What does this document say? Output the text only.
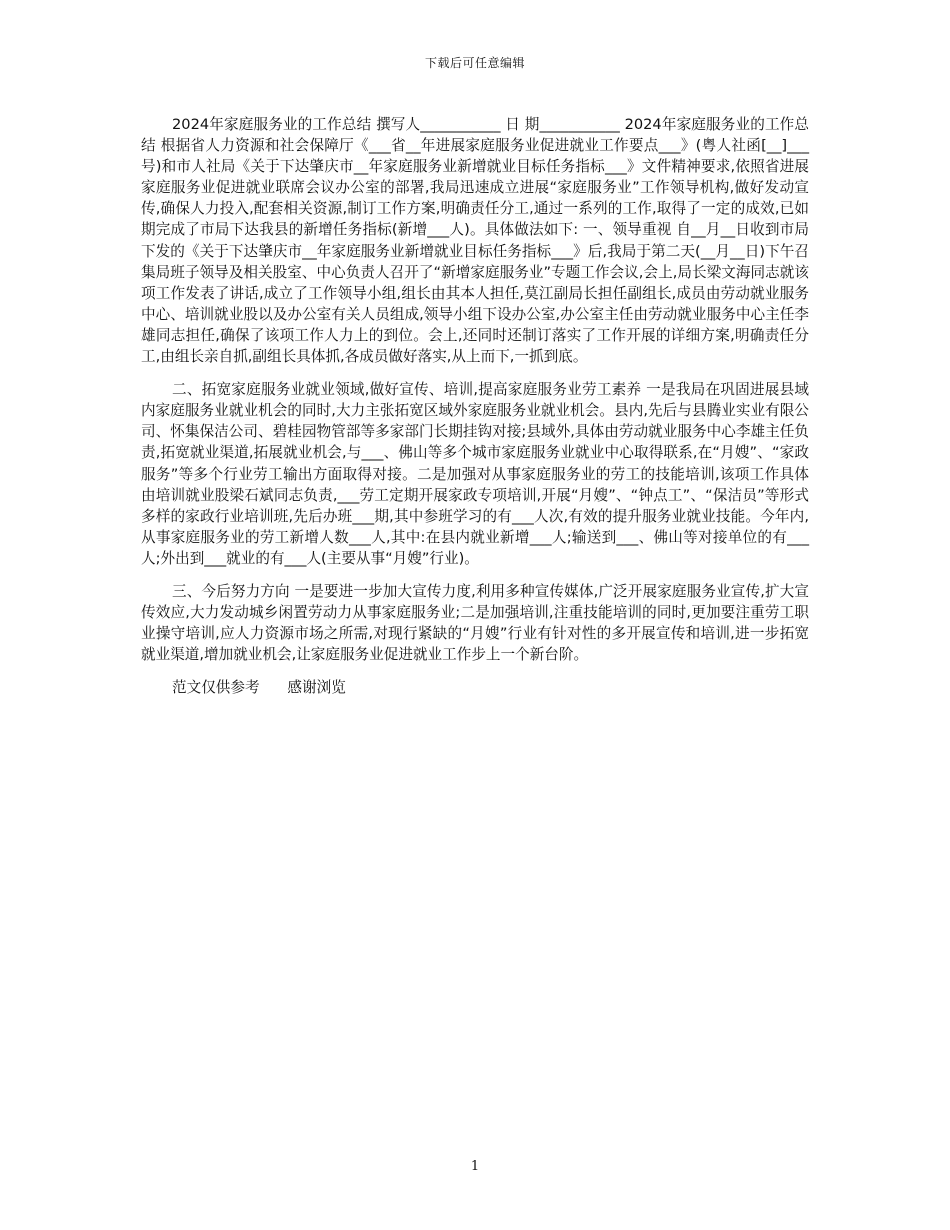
下载后可任意编辑

2024年家庭服务业的工作总结 撰写人___________ 日 期___________ 2024年家庭服务业的工作总结 根据省人力资源和社会保障厅《___省__年进展家庭服务业促进就业工作要点___》(粤人社函[__]___号)和市人社局《关于下达肇庆市__年家庭服务业新增就业目标任务指标___》文件精神要求,依照省进展家庭服务业促进就业联席会议办公室的部署,我局迅速成立进展“家庭服务业”工作领导机构,做好发动宣传,确保人力投入,配套相关资源,制订工作方案,明确责任分工,通过一系列的工作,取得了一定的成效,已如期完成了市局下达我县的新增任务指标(新增___人)。具体做法如下: 一、领导重视 自__月__日收到市局下发的《关于下达肇庆市__年家庭服务业新增就业目标任务指标___》后,我局于第二天(__月__日)下午召集局班子领导及相关股室、中心负责人召开了“新增家庭服务业”专题工作会议,会上,局长梁文海同志就该项工作发表了讲话,成立了工作领导小组,组长由其本人担任,莫江副局长担任副组长,成员由劳动就业服务中心、培训就业股以及办公室有关人员组成,领导小组下设办公室,办公室主任由劳动就业服务中心主任李雄同志担任,确保了该项工作人力上的到位。会上,还同时还制订落实了工作开展的详细方案,明确责任分工,由组长亲自抓,副组长具体抓,各成员做好落实,从上而下,一抓到底。

二、拓宽家庭服务业就业领域,做好宣传、培训,提高家庭服务业劳工素养 一是我局在巩固进展县域内家庭服务业就业机会的同时,大力主张拓宽区域外家庭服务业就业机会。县内,先后与县腾业实业有限公司、怀集保洁公司、碧桂园物管部等多家部门长期挂钩对接;县域外,具体由劳动就业服务中心李雄主任负责,拓宽就业渠道,拓展就业机会,与___、佛山等多个城市家庭服务业就业中心取得联系,在“月嫂”、“家政服务”等多个行业劳工输出方面取得对接。二是加强对从事家庭服务业的劳工的技能培训,该项工作具体由培训就业股梁石斌同志负责,___劳工定期开展家政专项培训,开展“月嫂”、“钟点工”、“保洁员”等形式多样的家政行业培训班,先后办班___期,其中参班学习的有___人次,有效的提升服务业就业技能。今年内,从事家庭服务业的劳工新增人数___人,其中:在县内就业新增___人;输送到___、佛山等对接单位的有___人;外出到___就业的有___人(主要从事“月嫂”行业)。

三、今后努力方向 一是要进一步加大宣传力度,利用多种宣传媒体,广泛开展家庭服务业宣传,扩大宣传效应,大力发动城乡闲置劳动力从事家庭服务业;二是加强培训,注重技能培训的同时,更加要注重劳工职业操守培训,应人力资源市场之所需,对现行紧缺的“月嫂”行业有针对性的多开展宣传和培训,进一步拓宽就业渠道,增加就业机会,让家庭服务业促进就业工作步上一个新台阶。

范文仅供参考 感谢浏览

1
